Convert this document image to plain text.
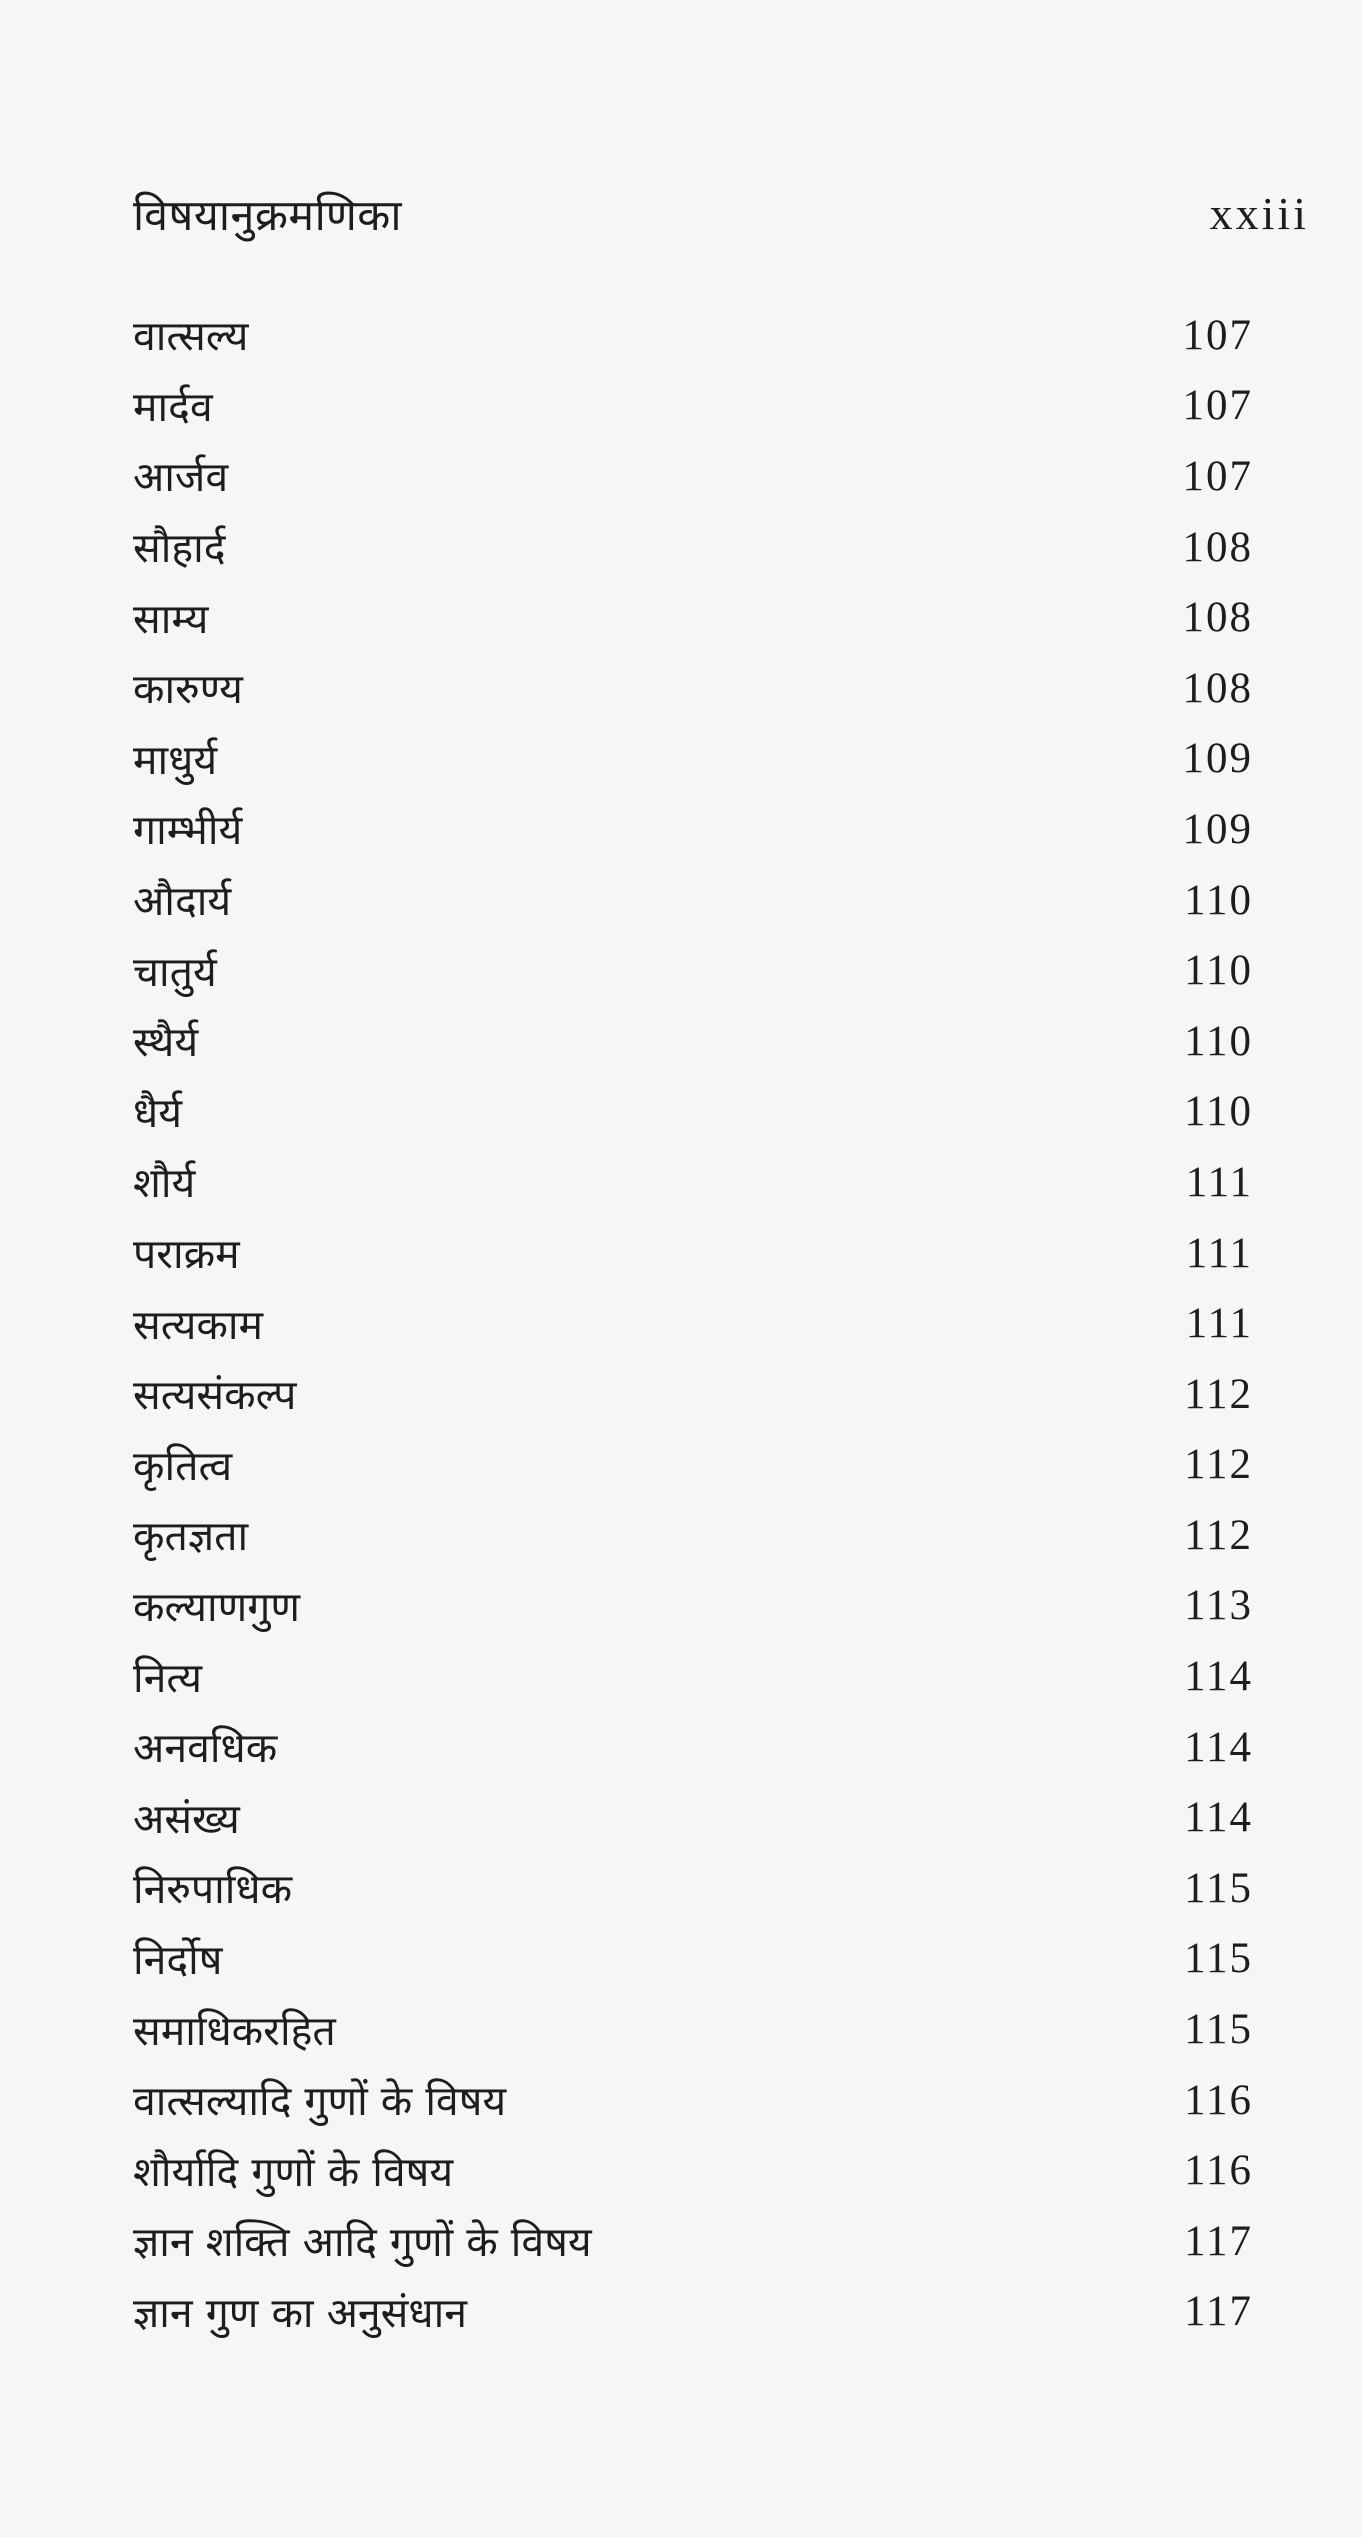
विषयानुक्रमणिका	xxiii
वात्सल्य	107
मार्दव	107
आर्जव	107
सौहार्द	108
साम्य	108
कारुण्य	108
माधुर्य	109
गाम्भीर्य	109
औदार्य	110
चातुर्य	110
स्थैर्य	110
धैर्य	110
शौर्य	111
पराक्रम	111
सत्यकाम	111
सत्यसंकल्प	112
कृतित्व	112
कृतज्ञता	112
कल्याणगुण	113
नित्य	114
अनवधिक	114
असंख्य	114
निरुपाधिक	115
निर्दोष	115
समाधिकरहित	115
वात्सल्यादि गुणों के विषय	116
शौर्यादि गुणों के विषय	116
ज्ञान शक्ति आदि गुणों के विषय	117
ज्ञान गुण का अनुसंधान	117
